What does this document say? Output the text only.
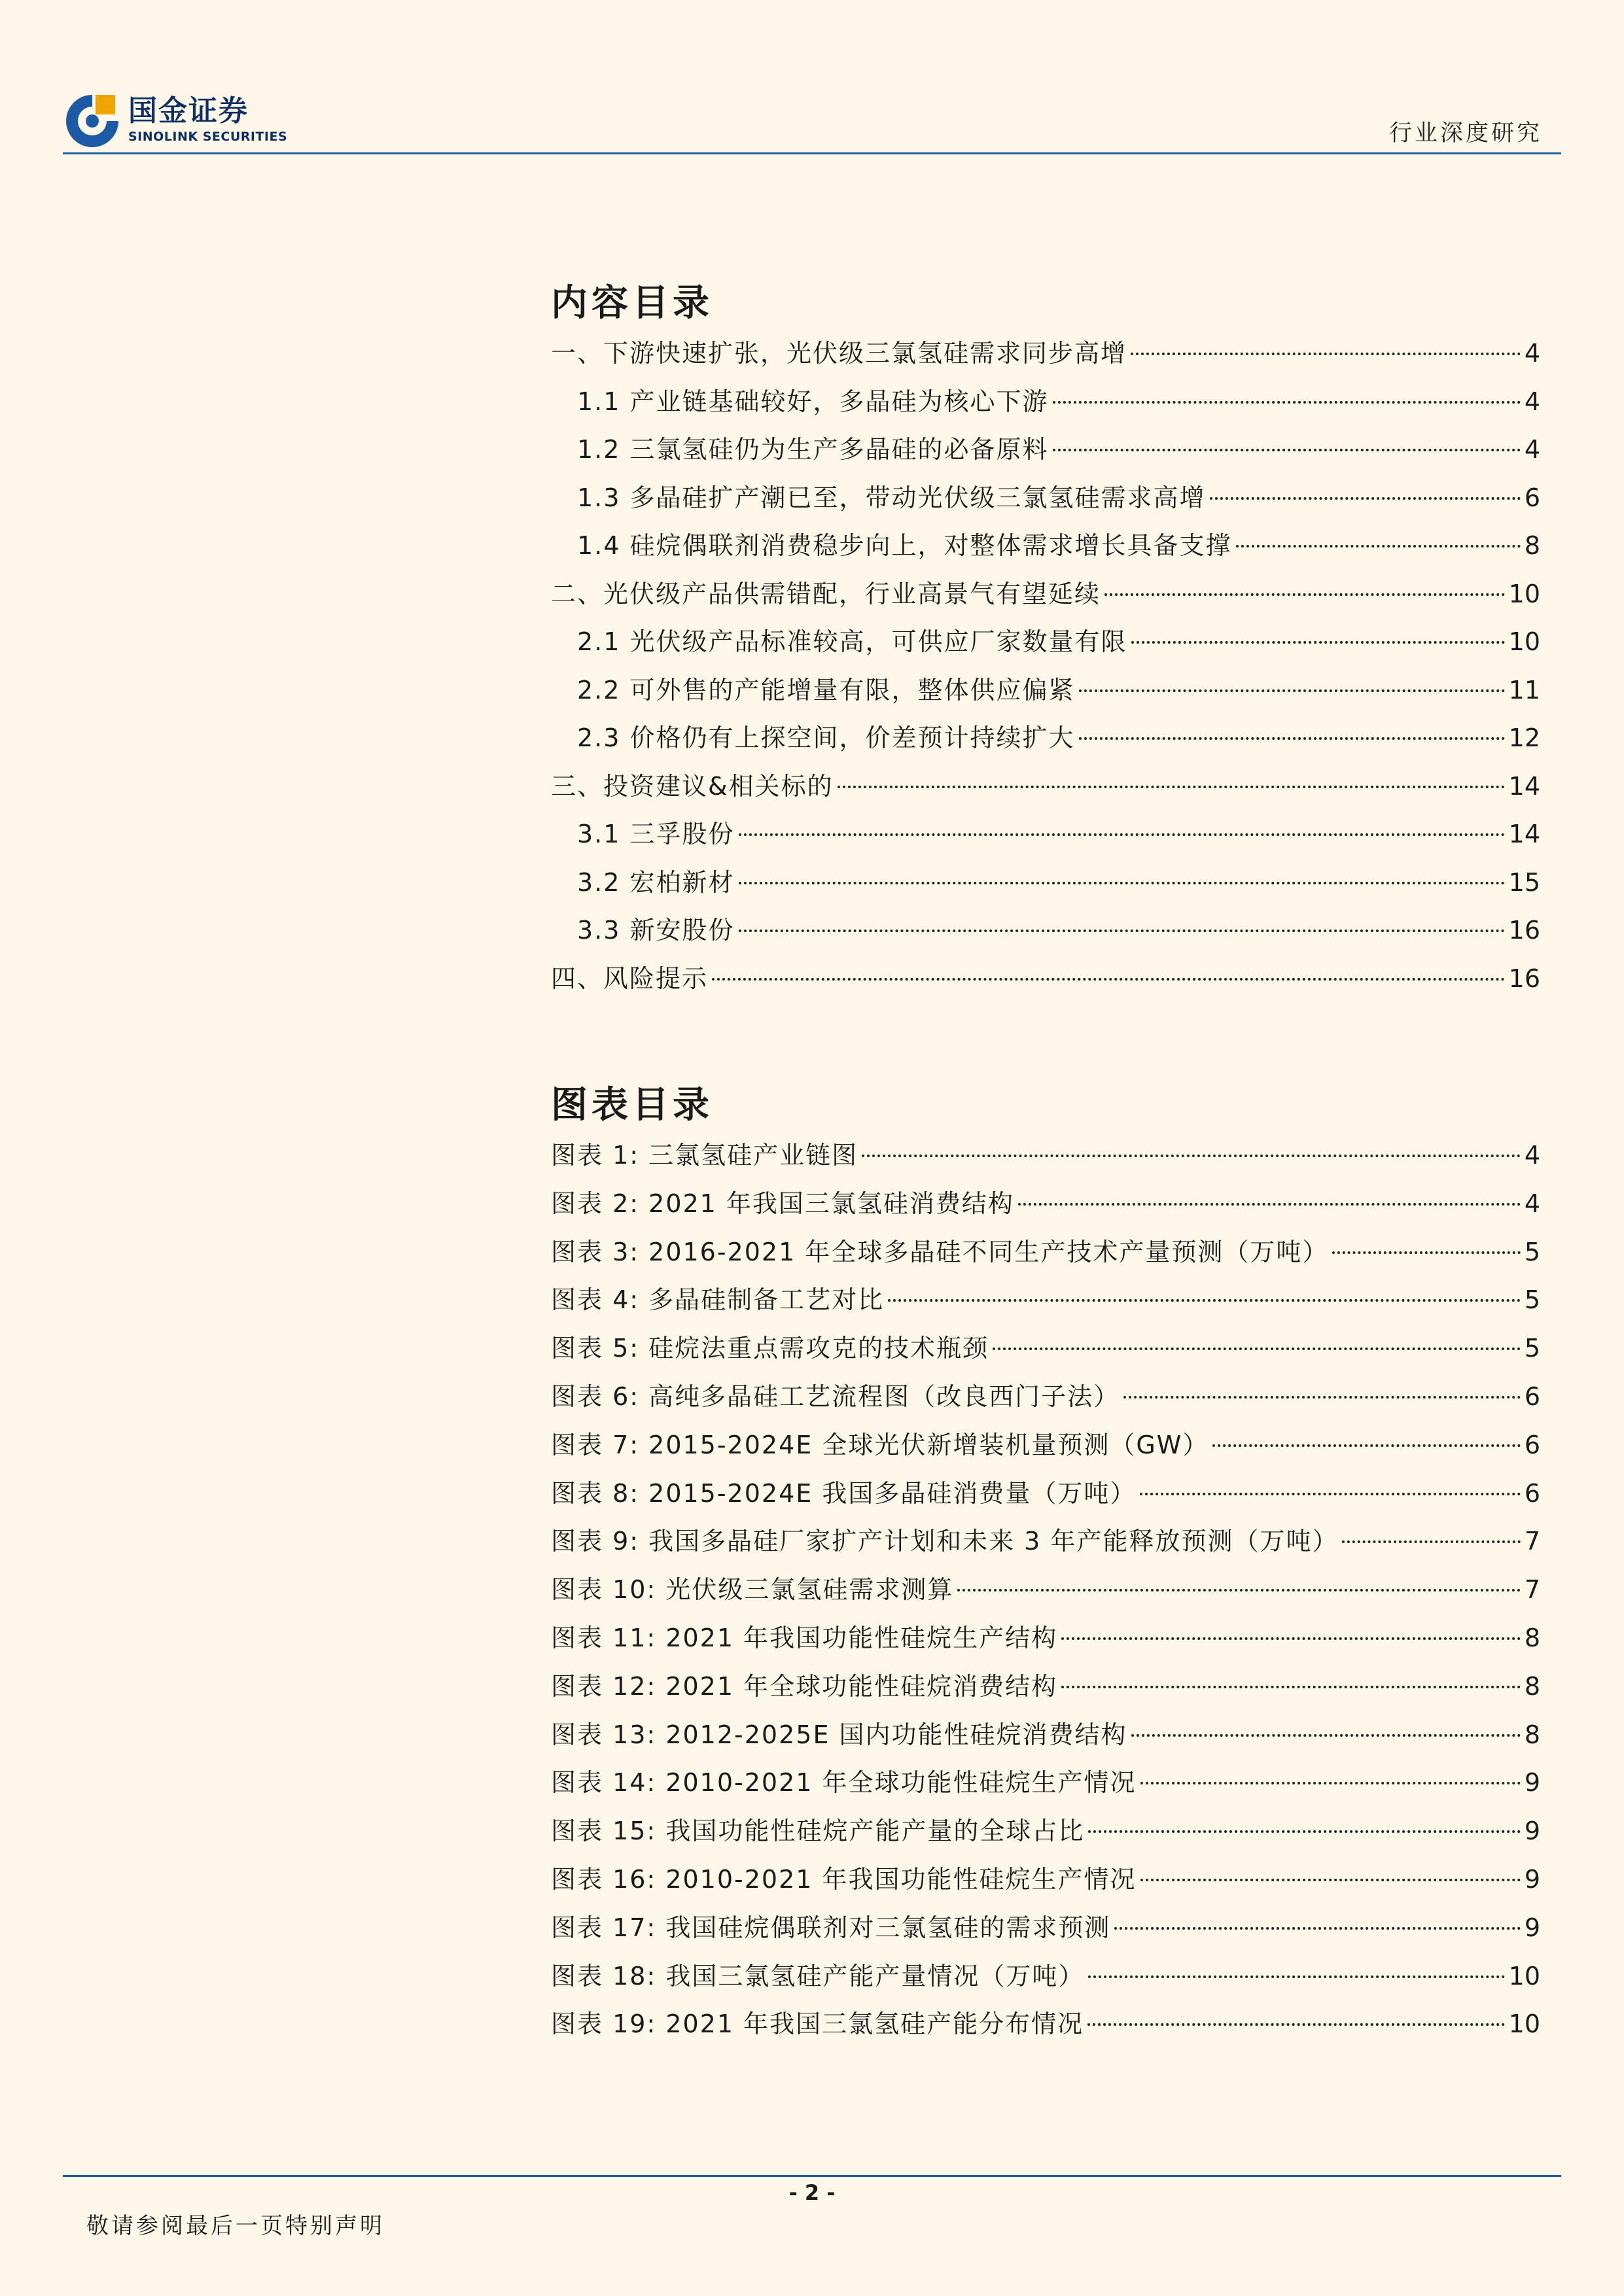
国金证券
SINOLINK SECURITIES	行业深度研究
内容目录
一、下游快速扩张，光伏级三氯氢硅需求同步高增	4
1.1 产业链基础较好，多晶硅为核心下游	4
1.2 三氯氢硅仍为生产多晶硅的必备原料	4
1.3 多晶硅扩产潮已至，带动光伏级三氯氢硅需求高增	6
1.4 硅烷偶联剂消费稳步向上，对整体需求增长具备支撑	8
二、光伏级产品供需错配，行业高景气有望延续	10
2.1 光伏级产品标准较高，可供应厂家数量有限	10
2.2 可外售的产能增量有限，整体供应偏紧	11
2.3 价格仍有上探空间，价差预计持续扩大	12
三、投资建议&相关标的	14
3.1 三孚股份	14
3.2 宏柏新材	15
3.3 新安股份	16
四、风险提示	16
图表目录
图表 1: 三氯氢硅产业链图	4
图表 2: 2021 年我国三氯氢硅消费结构	4
图表 3: 2016-2021 年全球多晶硅不同生产技术产量预测（万吨）	5
图表 4: 多晶硅制备工艺对比	5
图表 5: 硅烷法重点需攻克的技术瓶颈	5
图表 6: 高纯多晶硅工艺流程图（改良西门子法）	6
图表 7: 2015-2024E 全球光伏新增装机量预测（GW）	6
图表 8: 2015-2024E 我国多晶硅消费量（万吨）	6
图表 9: 我国多晶硅厂家扩产计划和未来 3 年产能释放预测（万吨）	7
图表 10: 光伏级三氯氢硅需求测算	7
图表 11: 2021 年我国功能性硅烷生产结构	8
图表 12: 2021 年全球功能性硅烷消费结构	8
图表 13: 2012-2025E 国内功能性硅烷消费结构	8
图表 14: 2010-2021 年全球功能性硅烷生产情况	9
图表 15: 我国功能性硅烷产能产量的全球占比	9
图表 16: 2010-2021 年我国功能性硅烷生产情况	9
图表 17: 我国硅烷偶联剂对三氯氢硅的需求预测	9
图表 18: 我国三氯氢硅产能产量情况（万吨）	10
图表 19: 2021 年我国三氯氢硅产能分布情况	10
- 2 -
敬请参阅最后一页特别声明
